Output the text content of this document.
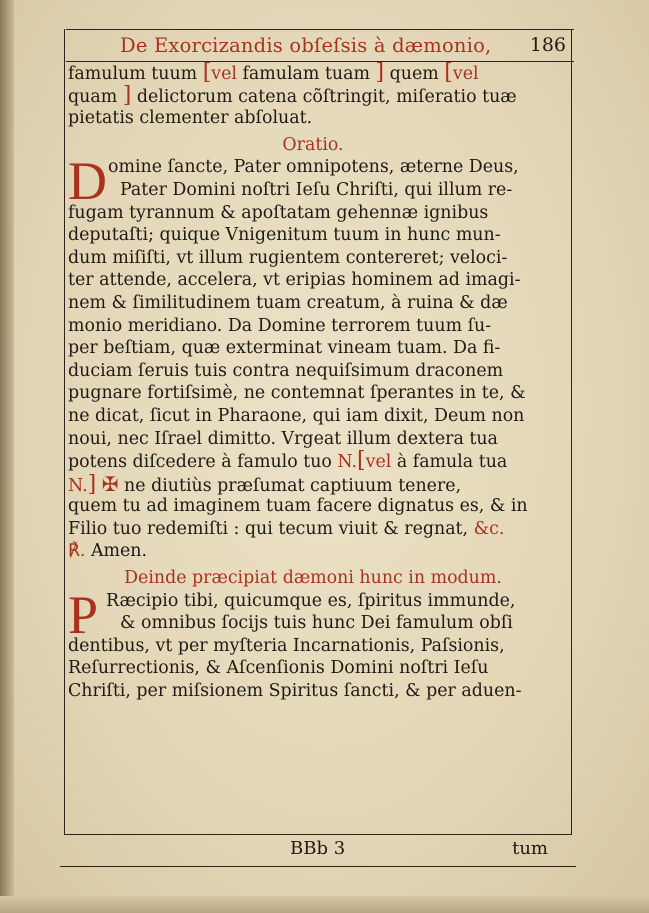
De Exorcizandis obſeſsis à dæmonio, 186
famulum tuum [vel famulam tuam ] quem [vel
quam ] delictorum catena cõſtringit, miſeratio tuæ
pietatis clementer abſoluat.
Oratio.
D omine ſancte, Pater omnipotens, æterne Deus,
Pater Domini noſtri Ieſu Chriſti, qui illum re-
fugam tyrannum & apoſtatam gehennæ ignibus
deputaſti; quique Vnigenitum tuum in hunc mun-
dum miſiſti, vt illum rugientem contereret; veloci-
ter attende, accelera, vt eripias hominem ad imagi-
nem & ſimilitudinem tuam creatum, à ruina & dæ
monio meridiano. Da Domine terrorem tuum ſu-
per beſtiam, quæ exterminat vineam tuam. Da fi-
duciam ſeruis tuis contra nequiſsimum draconem
pugnare fortiſsimè, ne contemnat ſperantes in te, &
ne dicat, ſicut in Pharaone, qui iam dixit, Deum non
noui, nec Iſrael dimitto. Vrgeat illum dextera tua
potens diſcedere à famulo tuo N.[vel à famula tua
N.] ✠ ne diutiùs præſumat captiuum tenere,
quem tu ad imaginem tuam facere dignatus es, & in
Filio tuo redemiſti : qui tecum viuit & regnat, &c.
℟. Amen.
Deinde præcipiat dæmoni hunc in modum.
P Ræcipio tibi, quicumque es, ſpiritus immunde,
& omnibus ſocijs tuis hunc Dei famulum obſi
dentibus, vt per myſteria Incarnationis, Paſsionis,
Reſurrectionis, & Aſcenſionis Domini noſtri Ieſu
Chriſti, per miſsionem Spiritus ſancti, & per aduen-
BBb 3	tum
